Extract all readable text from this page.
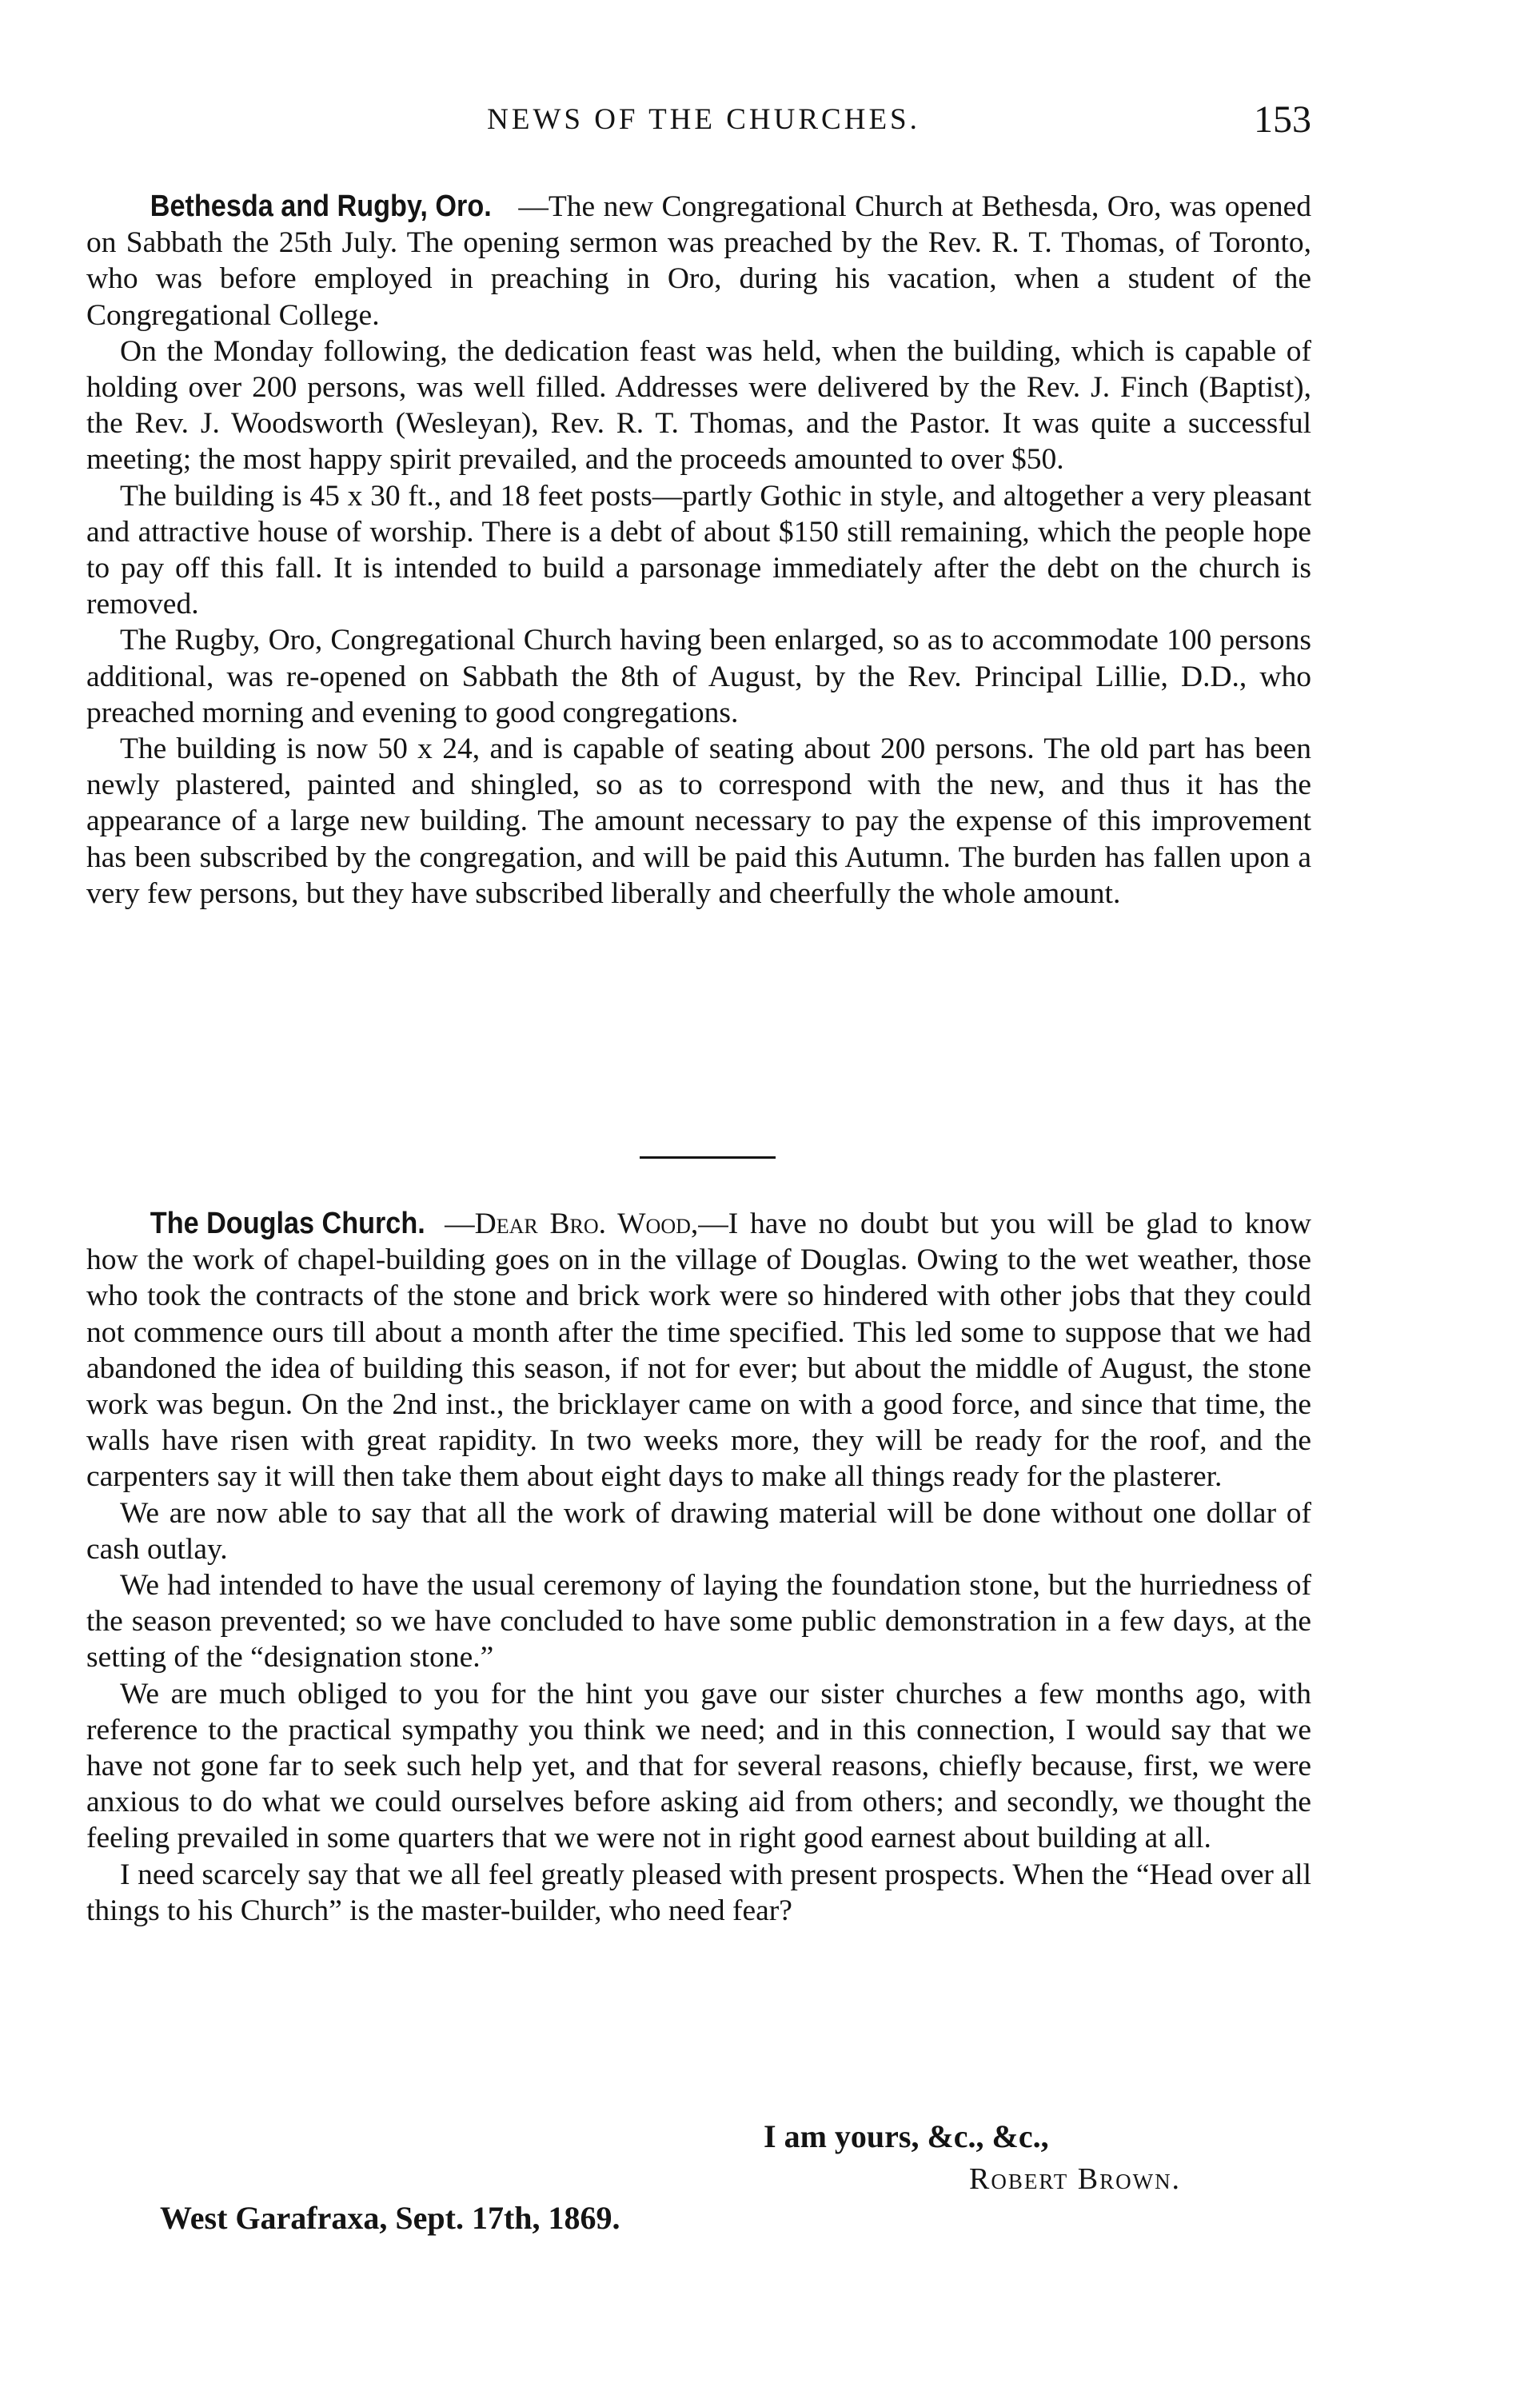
NEWS OF THE CHURCHES.	153

Bethesda and Rugby, Oro. —The new Congregational Church at Bethesda, Oro, was opened on Sabbath the 25th July. The opening sermon was preached by the Rev. R. T. Thomas, of Toronto, who was before employed in preaching in Oro, during his vacation, when a student of the Congregational College.

On the Monday following, the dedication feast was held, when the building, which is capable of holding over 200 persons, was well filled. Addresses were delivered by the Rev. J. Finch (Baptist), the Rev. J. Woodsworth (Wesleyan), Rev. R. T. Thomas, and the Pastor. It was quite a successful meeting; the most happy spirit prevailed, and the proceeds amounted to over $50.

The building is 45 x 30 ft., and 18 feet posts—partly Gothic in style, and altogether a very pleasant and attractive house of worship. There is a debt of about $150 still remaining, which the people hope to pay off this fall. It is intended to build a parsonage immediately after the debt on the church is removed.

The Rugby, Oro, Congregational Church having been enlarged, so as to accommodate 100 persons additional, was re-opened on Sabbath the 8th of August, by the Rev. Principal Lillie, D.D., who preached morning and evening to good congregations.

The building is now 50 x 24, and is capable of seating about 200 persons. The old part has been newly plastered, painted and shingled, so as to correspond with the new, and thus it has the appearance of a large new building. The amount necessary to pay the expense of this improvement has been subscribed by the congregation, and will be paid this Autumn. The burden has fallen upon a very few persons, but they have subscribed liberally and cheerfully the whole amount.

The Douglas Church. —Dear Bro. Wood,—I have no doubt but you will be glad to know how the work of chapel-building goes on in the village of Douglas. Owing to the wet weather, those who took the contracts of the stone and brick work were so hindered with other jobs that they could not commence ours till about a month after the time specified. This led some to suppose that we had abandoned the idea of building this season, if not for ever; but about the middle of August, the stone work was begun. On the 2nd inst., the bricklayer came on with a good force, and since that time, the walls have risen with great rapidity. In two weeks more, they will be ready for the roof, and the carpenters say it will then take them about eight days to make all things ready for the plasterer.

We are now able to say that all the work of drawing material will be done without one dollar of cash outlay.

We had intended to have the usual ceremony of laying the foundation stone, but the hurriedness of the season prevented; so we have concluded to have some public demonstration in a few days, at the setting of the “designation stone.”

We are much obliged to you for the hint you gave our sister churches a few months ago, with reference to the practical sympathy you think we need; and in this connection, I would say that we have not gone far to seek such help yet, and that for several reasons, chiefly because, first, we were anxious to do what we could ourselves before asking aid from others; and secondly, we thought the feeling prevailed in some quarters that we were not in right good earnest about building at all.

I need scarcely say that we all feel greatly pleased with present prospects. When the “Head over all things to his Church” is the master-builder, who need fear?

I am yours, &c., &c.,
Robert Brown.
West Garafraxa, Sept. 17th, 1869.
